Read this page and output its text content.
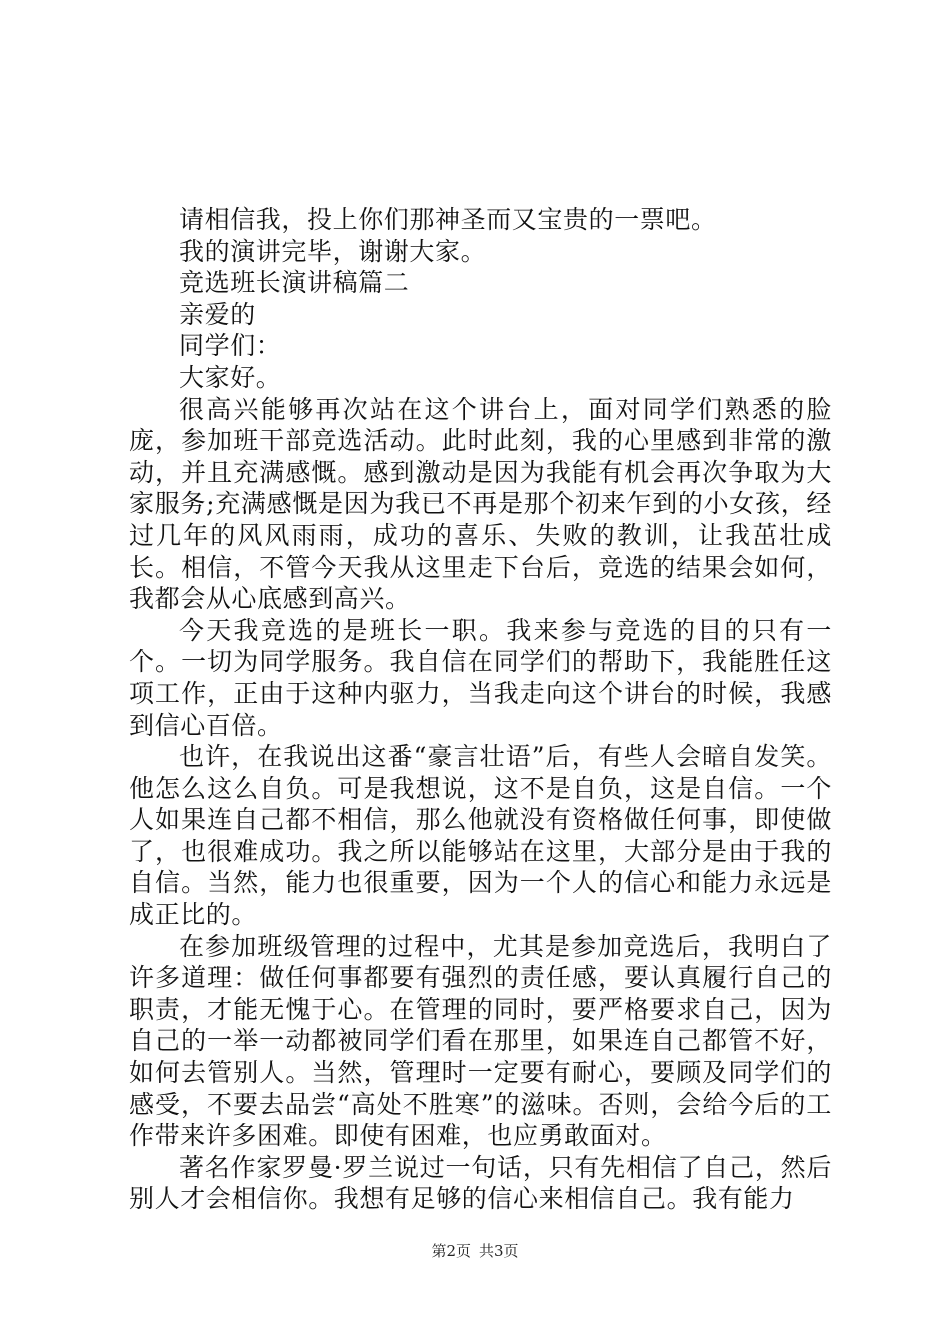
请相信我，投上你们那神圣而又宝贵的一票吧。

我的演讲完毕，谢谢大家。

竞选班长演讲稿篇二

亲爱的

同学们：

大家好。

很高兴能够再次站在这个讲台上，面对同学们熟悉的脸庞，参加班干部竞选活动。此时此刻，我的心里感到非常的激动，并且充满感慨。感到激动是因为我能有机会再次争取为大家服务;充满感慨是因为我已不再是那个初来乍到的小女孩，经过几年的风风雨雨，成功的喜乐、失败的教训，让我茁壮成长。相信，不管今天我从这里走下台后，竞选的结果会如何，我都会从心底感到高兴。

今天我竞选的是班长一职。我来参与竞选的目的只有一个。一切为同学服务。我自信在同学们的帮助下，我能胜任这项工作，正由于这种内驱力，当我走向这个讲台的时候，我感到信心百倍。

也许，在我说出这番“豪言壮语”后，有些人会暗自发笑。他怎么这么自负。可是我想说，这不是自负，这是自信。一个人如果连自己都不相信，那么他就没有资格做任何事，即使做了，也很难成功。我之所以能够站在这里，大部分是由于我的自信。当然，能力也很重要，因为一个人的信心和能力永远是成正比的。

在参加班级管理的过程中，尤其是参加竞选后，我明白了许多道理：做任何事都要有强烈的责任感，要认真履行自己的职责，才能无愧于心。在管理的同时，要严格要求自己，因为自己的一举一动都被同学们看在那里，如果连自己都管不好，如何去管别人。当然，管理时一定要有耐心，要顾及同学们的感受，不要去品尝“高处不胜寒”的滋味。否则，会给今后的工作带来许多困难。即使有困难，也应勇敢面对。

著名作家罗曼·罗兰说过一句话，只有先相信了自己，然后别人才会相信你。我想有足够的信心来相信自己。我有能力

第2页 共3页
